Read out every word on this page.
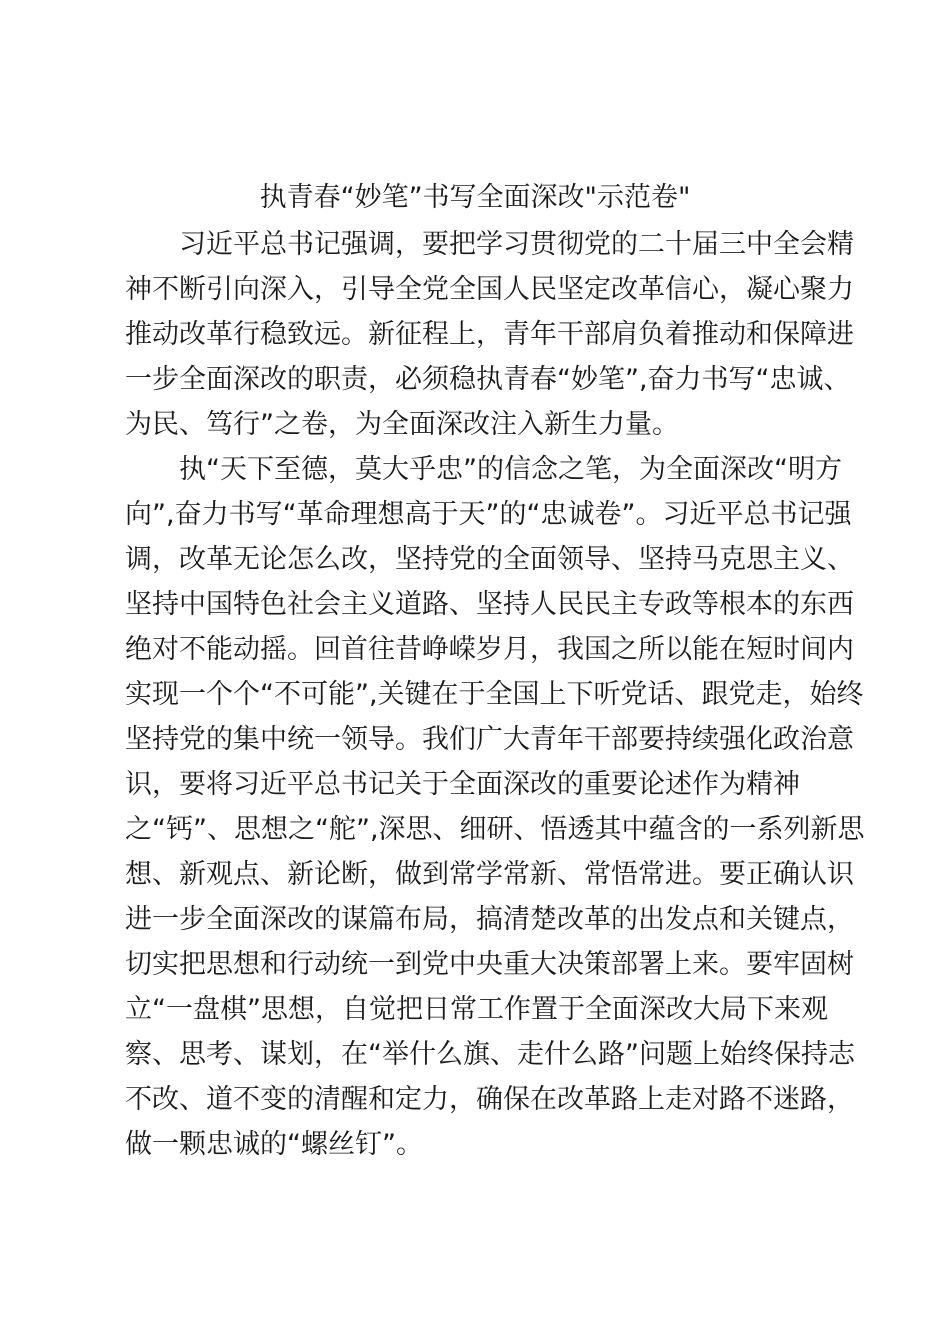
执青春“妙笔”书写全面深改"示范卷"
习近平总书记强调，要把学习贯彻党的二十届三中全会精
神不断引向深入，引导全党全国人民坚定改革信心，凝心聚力
推动改革行稳致远。新征程上，青年干部肩负着推动和保障进
一步全面深改的职责，必须稳执青春“妙笔”,奋力书写“忠诚、
为民、笃行”之卷，为全面深改注入新生力量。
执“天下至德，莫大乎忠”的信念之笔，为全面深改“明方
向”,奋力书写“革命理想高于天”的“忠诚卷”。习近平总书记强
调，改革无论怎么改，坚持党的全面领导、坚持马克思主义、
坚持中国特色社会主义道路、坚持人民民主专政等根本的东西
绝对不能动摇。回首往昔峥嵘岁月，我国之所以能在短时间内
实现一个个“不可能”,关键在于全国上下听党话、跟党走，始终
坚持党的集中统一领导。我们广大青年干部要持续强化政治意
识，要将习近平总书记关于全面深改的重要论述作为精神
之“钙”、思想之“舵”,深思、细研、悟透其中蕴含的一系列新思
想、新观点、新论断，做到常学常新、常悟常进。要正确认识
进一步全面深改的谋篇布局，搞清楚改革的出发点和关键点，
切实把思想和行动统一到党中央重大决策部署上来。要牢固树
立“一盘棋”思想，自觉把日常工作置于全面深改大局下来观
察、思考、谋划，在“举什么旗、走什么路”问题上始终保持志
不改、道不变的清醒和定力，确保在改革路上走对路不迷路，
做一颗忠诚的“螺丝钉”。
